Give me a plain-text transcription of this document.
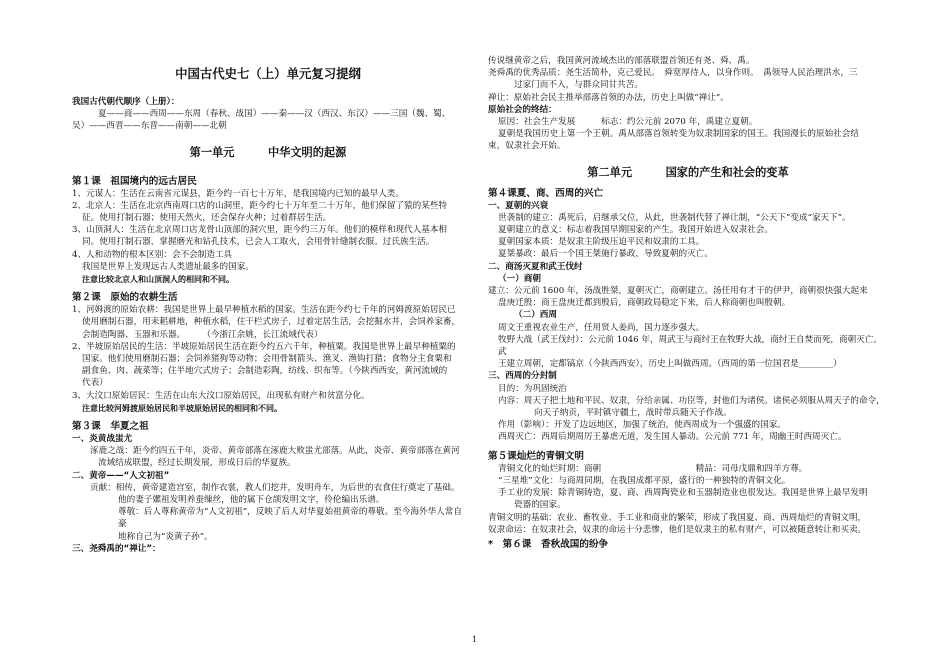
中国古代史七（上）单元复习提纲

我国古代朝代顺序（上册）：

夏——商——西周——东周（春秋、战国）——秦——汉（西汉、东汉）——三国（魏、蜀、

吴）——西晋——东晋——南朝——北朝

第一单元　　　中华文明的起源

第１课　祖国境内的远古居民

1、元谋人：生活在云南省元谋县，距今约一百七十万年，是我国境内已知的最早人类。

2、北京人：生活在北京西南周口店的山洞里，距今约七十万年至二十万年，他们保留了猿的某些特

征。使用打制石器；使用天然火，还会保存火种；过着群居生活。

3、山顶洞人：生活在北京周口店龙骨山顶部的洞穴里，距今约三万年。他们的模样和现代人基本相

同。使用打制石器，掌握磨光和钻孔技术，已会人工取火，会用骨针缝制衣服。过氏族生活。

4、人和动物的根本区别：会不会制造工具

我国是世界上发现远古人类遗址最多的国家。

注意比较北京人和山顶洞人的相同和不同。

第２课　原始的农耕生活

1、河姆渡的原始农耕：我国是世界上最早种植水稻的国家。生活在距今约七千年的河姆渡原始居民已

使用磨制石器，用耒耜耕地，种植水稻，住干栏式房子，过着定居生活，会挖掘水井，会饲养家畜，

会制造陶器、玉器和乐器。　　　（今浙江余姚，长江流域代表）

2、半坡原始居民的生活：半坡原始居民生活在距今约五六千年，种植粟。我国是世界上最早种植粟的

国家。他们使用磨制石器；会饲养猪狗等动物；会用骨制箭头、渔叉、渔钩打猎；食物分主食粟和

副食鱼、肉、蔬菜等；住半地穴式房子；会制造彩陶，纺线、织布等。（今陕西西安，黄河流域的

代表）

3、大汶口原始居民：生活在山东大汶口原始居民，出现私有财产和贫富分化。

注意比较河姆渡原始居民和半坡原始居民的相同和不同。

第３课　华夏之祖

一、炎黄战蚩尤

涿鹿之战：距今约四五千年，炎帝、黄帝部落在涿鹿大败蚩尤部落。从此，炎帝、黄帝部落在黄河

流域结成联盟，经过长期发展，形成日后的华夏族。

二、黄帝——“人文初祖”

贡献：相传，黄帝建造宫室，制作衣裳，教人们挖井，发明舟车，为后世的衣食住行奠定了基础。

他的妻子嫘祖发明养蚕缫丝，他的属下仓颉发明文字，伶伦编出乐谱。

尊敬：后人尊称黄帝为“人文初祖”，反映了后人对华夏始祖黄帝的尊敬。至今海外华人常自豪

地称自己为“炎黄子孙”。

三、尧舜禹的“禅让”：

传说继黄帝之后，我国黄河流域杰出的部落联盟首领还有尧、舜、禹。

尧舜禹的优秀品质：尧生活简朴，克己爱民。　舜宽厚待人，以身作则。　禹领导人民治理洪水，三

过家门而不入，与群众同甘共苦。

禅让：原始社会民主推举部落首领的办法，历史上叫做“禅让”。

原始社会的终结：

原因：社会生产发展　　　标志：约公元前 2070 年，禹建立夏朝。

夏朝是我国历史上第一个王朝。禹从部落首领转变为奴隶制国家的国王。我国漫长的原始社会结

束，奴隶社会开始。

第二单元　　　国家的产生和社会的变革

第４课夏、商、西周的兴亡

一、夏朝的兴衰

世袭制的建立：禹死后，启继承父位，从此，世袭制代替了禅让制，“公天下”变成“家天下”。

夏朝建立的意义：标志着我国早期国家的产生。我国开始进入奴隶社会。

夏朝国家本质：是奴隶主阶级压迫平民和奴隶的工具。

夏桀暴政：最后一个国王桀施行暴政，导致夏朝的灭亡。

二、商汤灭夏和武王伐纣

（一）商朝

建立：公元前 1600 年，汤战胜桀，夏朝灭亡，商朝建立。汤任用有才干的伊尹，商朝很快强大起来

盘庚迁殷：商王盘庚迁都到殷后，商朝政局稳定下来，后人称商朝也叫殷朝。

（二）西周

周文王重视农业生产，任用贤人姜尚，国力逐步强大。

牧野大战（武王伐纣）：公元前 1046 年，周武王与商纣王在牧野大战，商纣王自焚而死，商朝灭亡。武

王建立周朝，定都镐京（今陕西西安），历史上叫做西周。（西周的第一位国君是________）

三、西周的分封制

目的：为巩固统治

内容：周天子把土地和平民、奴隶，分给亲属、功臣等，封他们为诸侯。诸侯必须服从周天子的命令，

向天子纳贡，平时镇守疆土，战时带兵随天子作战。

作用（影响）：开发了边远地区，加强了统治，使西周成为一个强盛的国家。

西周灭亡：西周后期周厉王暴虐无道，发生国人暴动。公元前 771 年，周幽王时西周灭亡。

第５课灿烂的青铜文明

青铜文化的灿烂时期：商朝　　　　　　　　　　　精品：司母戊鼎和四羊方尊。

“三星堆”文化：与商周同期，在我国成都平原，盛行的一种独特的青铜文化。

手工业的发展：除青铜铸造，夏、商、西周陶瓷业和玉器制造业也很发达。我国是世界上最早发明

瓷器的国家。

青铜文明的基础：农业、畜牧业、手工业和商业的繁荣，形成了我国夏、商、西周灿烂的青铜文明，

奴隶命运：在奴隶社会，奴隶的命运十分悲惨，他们是奴隶主的私有财产，可以被随意转让和买卖。

*　第６课　香秋战国的纷争

1
